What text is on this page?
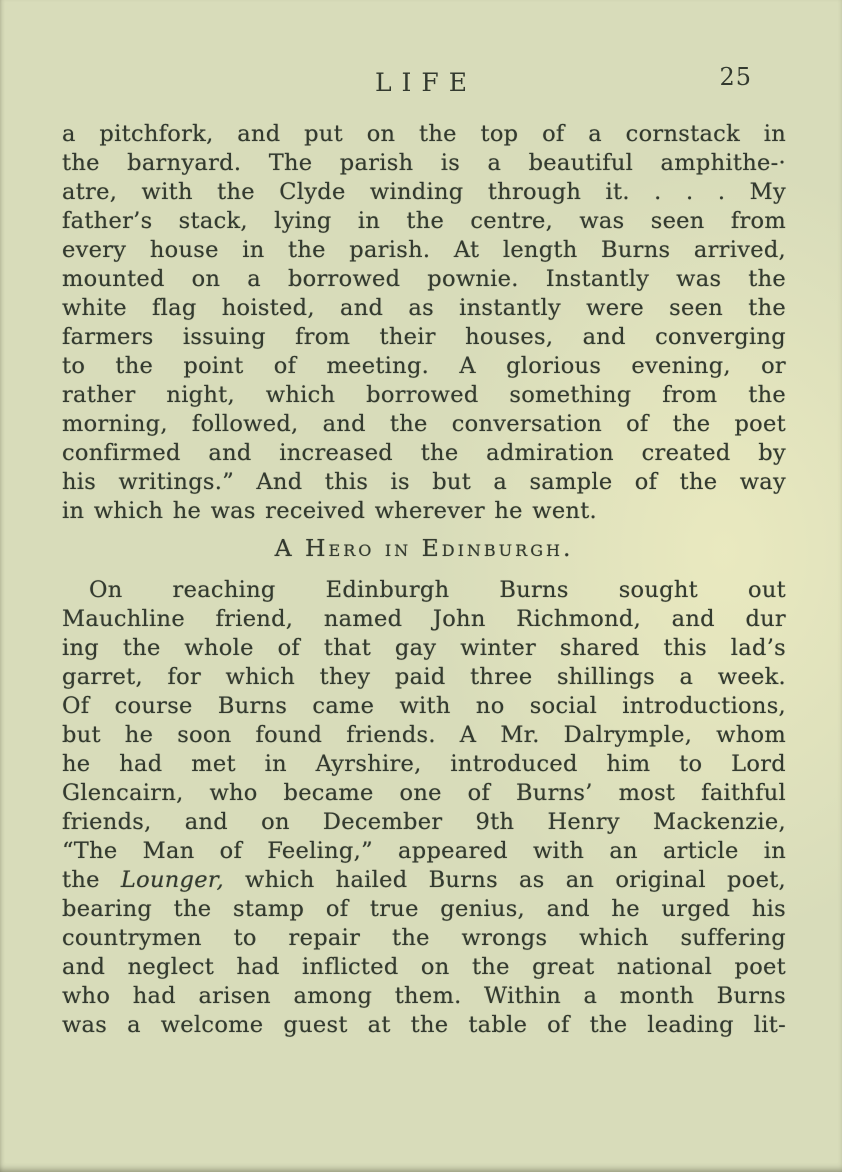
LIFE	25
a pitchfork, and put on the top of a cornstack in
the barnyard. The parish is a beautiful amphithe-·
atre, with the Clyde winding through it. . . . My
father’s stack, lying in the centre, was seen from
every house in the parish. At length Burns arrived,
mounted on a borrowed pownie. Instantly was the
white flag hoisted, and as instantly were seen the
farmers issuing from their houses, and converging
to the point of meeting. A glorious evening, or
rather night, which borrowed something from the
morning, followed, and the conversation of the poet
confirmed and increased the admiration created by
his writings.” And this is but a sample of the way
in which he was received wherever he went.
A Hero in Edinburgh.
On reaching Edinburgh Burns sought out
Mauchline friend, named John Richmond, and dur
ing the whole of that gay winter shared this lad’s
garret, for which they paid three shillings a week.
Of course Burns came with no social introductions,
but he soon found friends. A Mr. Dalrymple, whom
he had met in Ayrshire, introduced him to Lord
Glencairn, who became one of Burns’ most faithful
friends, and on December 9th Henry Mackenzie,
“The Man of Feeling,” appeared with an article in
the Lounger, which hailed Burns as an original poet,
bearing the stamp of true genius, and he urged his
countrymen to repair the wrongs which suffering
and neglect had inflicted on the great national poet
who had arisen among them. Within a month Burns
was a welcome guest at the table of the leading lit-
